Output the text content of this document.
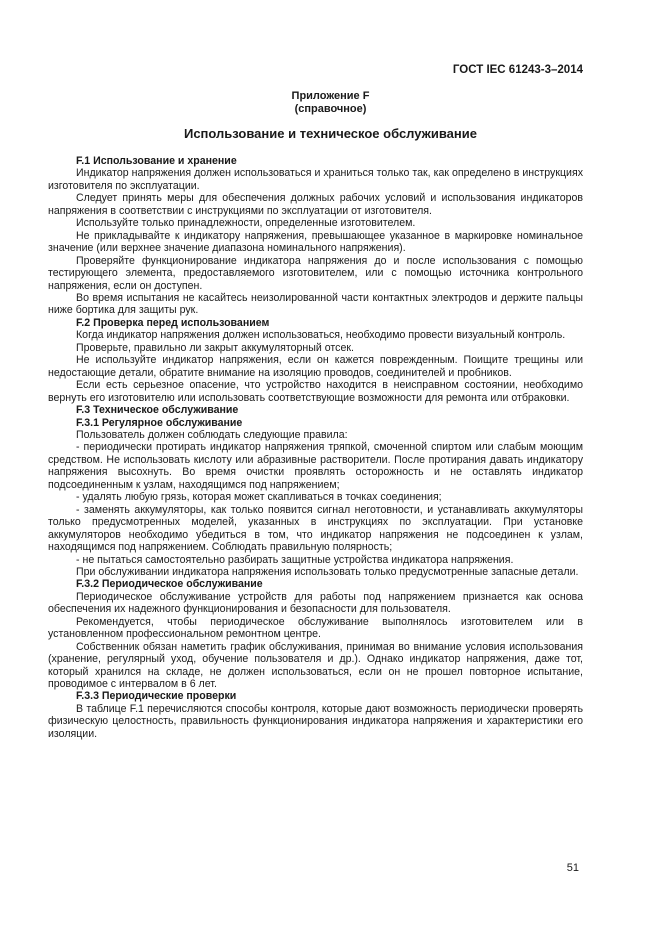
ГОСТ IEC 61243-3–2014
Приложение F
(справочное)
Использование и техническое обслуживание
F.1 Использование и хранение

Индикатор напряжения должен использоваться и храниться только так, как определено в инструкциях изготовителя по эксплуатации.

Следует принять меры для обеспечения должных рабочих условий и использования индикаторов напряжения в соответствии с инструкциями по эксплуатации от изготовителя.

Используйте только принадлежности, определенные изготовителем.

Не прикладывайте к индикатору напряжения, превышающее указанное в маркировке номинальное значение (или верхнее значение диапазона номинального напряжения).

Проверяйте функционирование индикатора напряжения до и после использования с помощью тестирующего элемента, предоставляемого изготовителем, или с помощью источника контрольного напряжения, если он доступен.

Во время испытания не касайтесь неизолированной части контактных электродов и держите пальцы ниже бортика для защиты рук.

F.2 Проверка перед использованием

Когда индикатор напряжения должен использоваться, необходимо провести визуальный контроль.

Проверьте, правильно ли закрыт аккумуляторный отсек.

Не используйте индикатор напряжения, если он кажется поврежденным. Поищите трещины или недостающие детали, обратите внимание на изоляцию проводов, соединителей и пробников.

Если есть серьезное опасение, что устройство находится в неисправном состоянии, необходимо вернуть его изготовителю или использовать соответствующие возможности для ремонта или отбраковки.

F.3 Техническое обслуживание
F.3.1 Регулярное обслуживание

Пользователь должен соблюдать следующие правила:

- периодически протирать индикатор напряжения тряпкой, смоченной спиртом или слабым моющим средством. Не использовать кислоту или абразивные растворители. После протирания давать индикатору напряжения высохнуть. Во время очистки проявлять осторожность и не оставлять индикатор подсоединенным к узлам, находящимся под напряжением;

- удалять любую грязь, которая может скапливаться в точках соединения;

- заменять аккумуляторы, как только появится сигнал неготовности, и устанавливать аккумуляторы только предусмотренных моделей, указанных в инструкциях по эксплуатации. При установке аккумуляторов необходимо убедиться в том, что индикатор напряжения не подсоединен к узлам, находящимся под напряжением. Соблюдать правильную полярность;

- не пытаться самостоятельно разбирать защитные устройства индикатора напряжения.

При обслуживании индикатора напряжения использовать только предусмотренные запасные детали.

F.3.2 Периодическое обслуживание

Периодическое обслуживание устройств для работы под напряжением признается как основа обеспечения их надежного функционирования и безопасности для пользователя.

Рекомендуется, чтобы периодическое обслуживание выполнялось изготовителем или в установленном профессиональном ремонтном центре.

Собственник обязан наметить график обслуживания, принимая во внимание условия использования (хранение, регулярный уход, обучение пользователя и др.). Однако индикатор напряжения, даже тот, который хранился на складе, не должен использоваться, если он не прошел повторное испытание, проводимое с интервалом в 6 лет.

F.3.3 Периодические проверки

В таблице F.1 перечисляются способы контроля, которые дают возможность периодически проверять физическую целостность, правильность функционирования индикатора напряжения и характеристики его изоляции.

51
